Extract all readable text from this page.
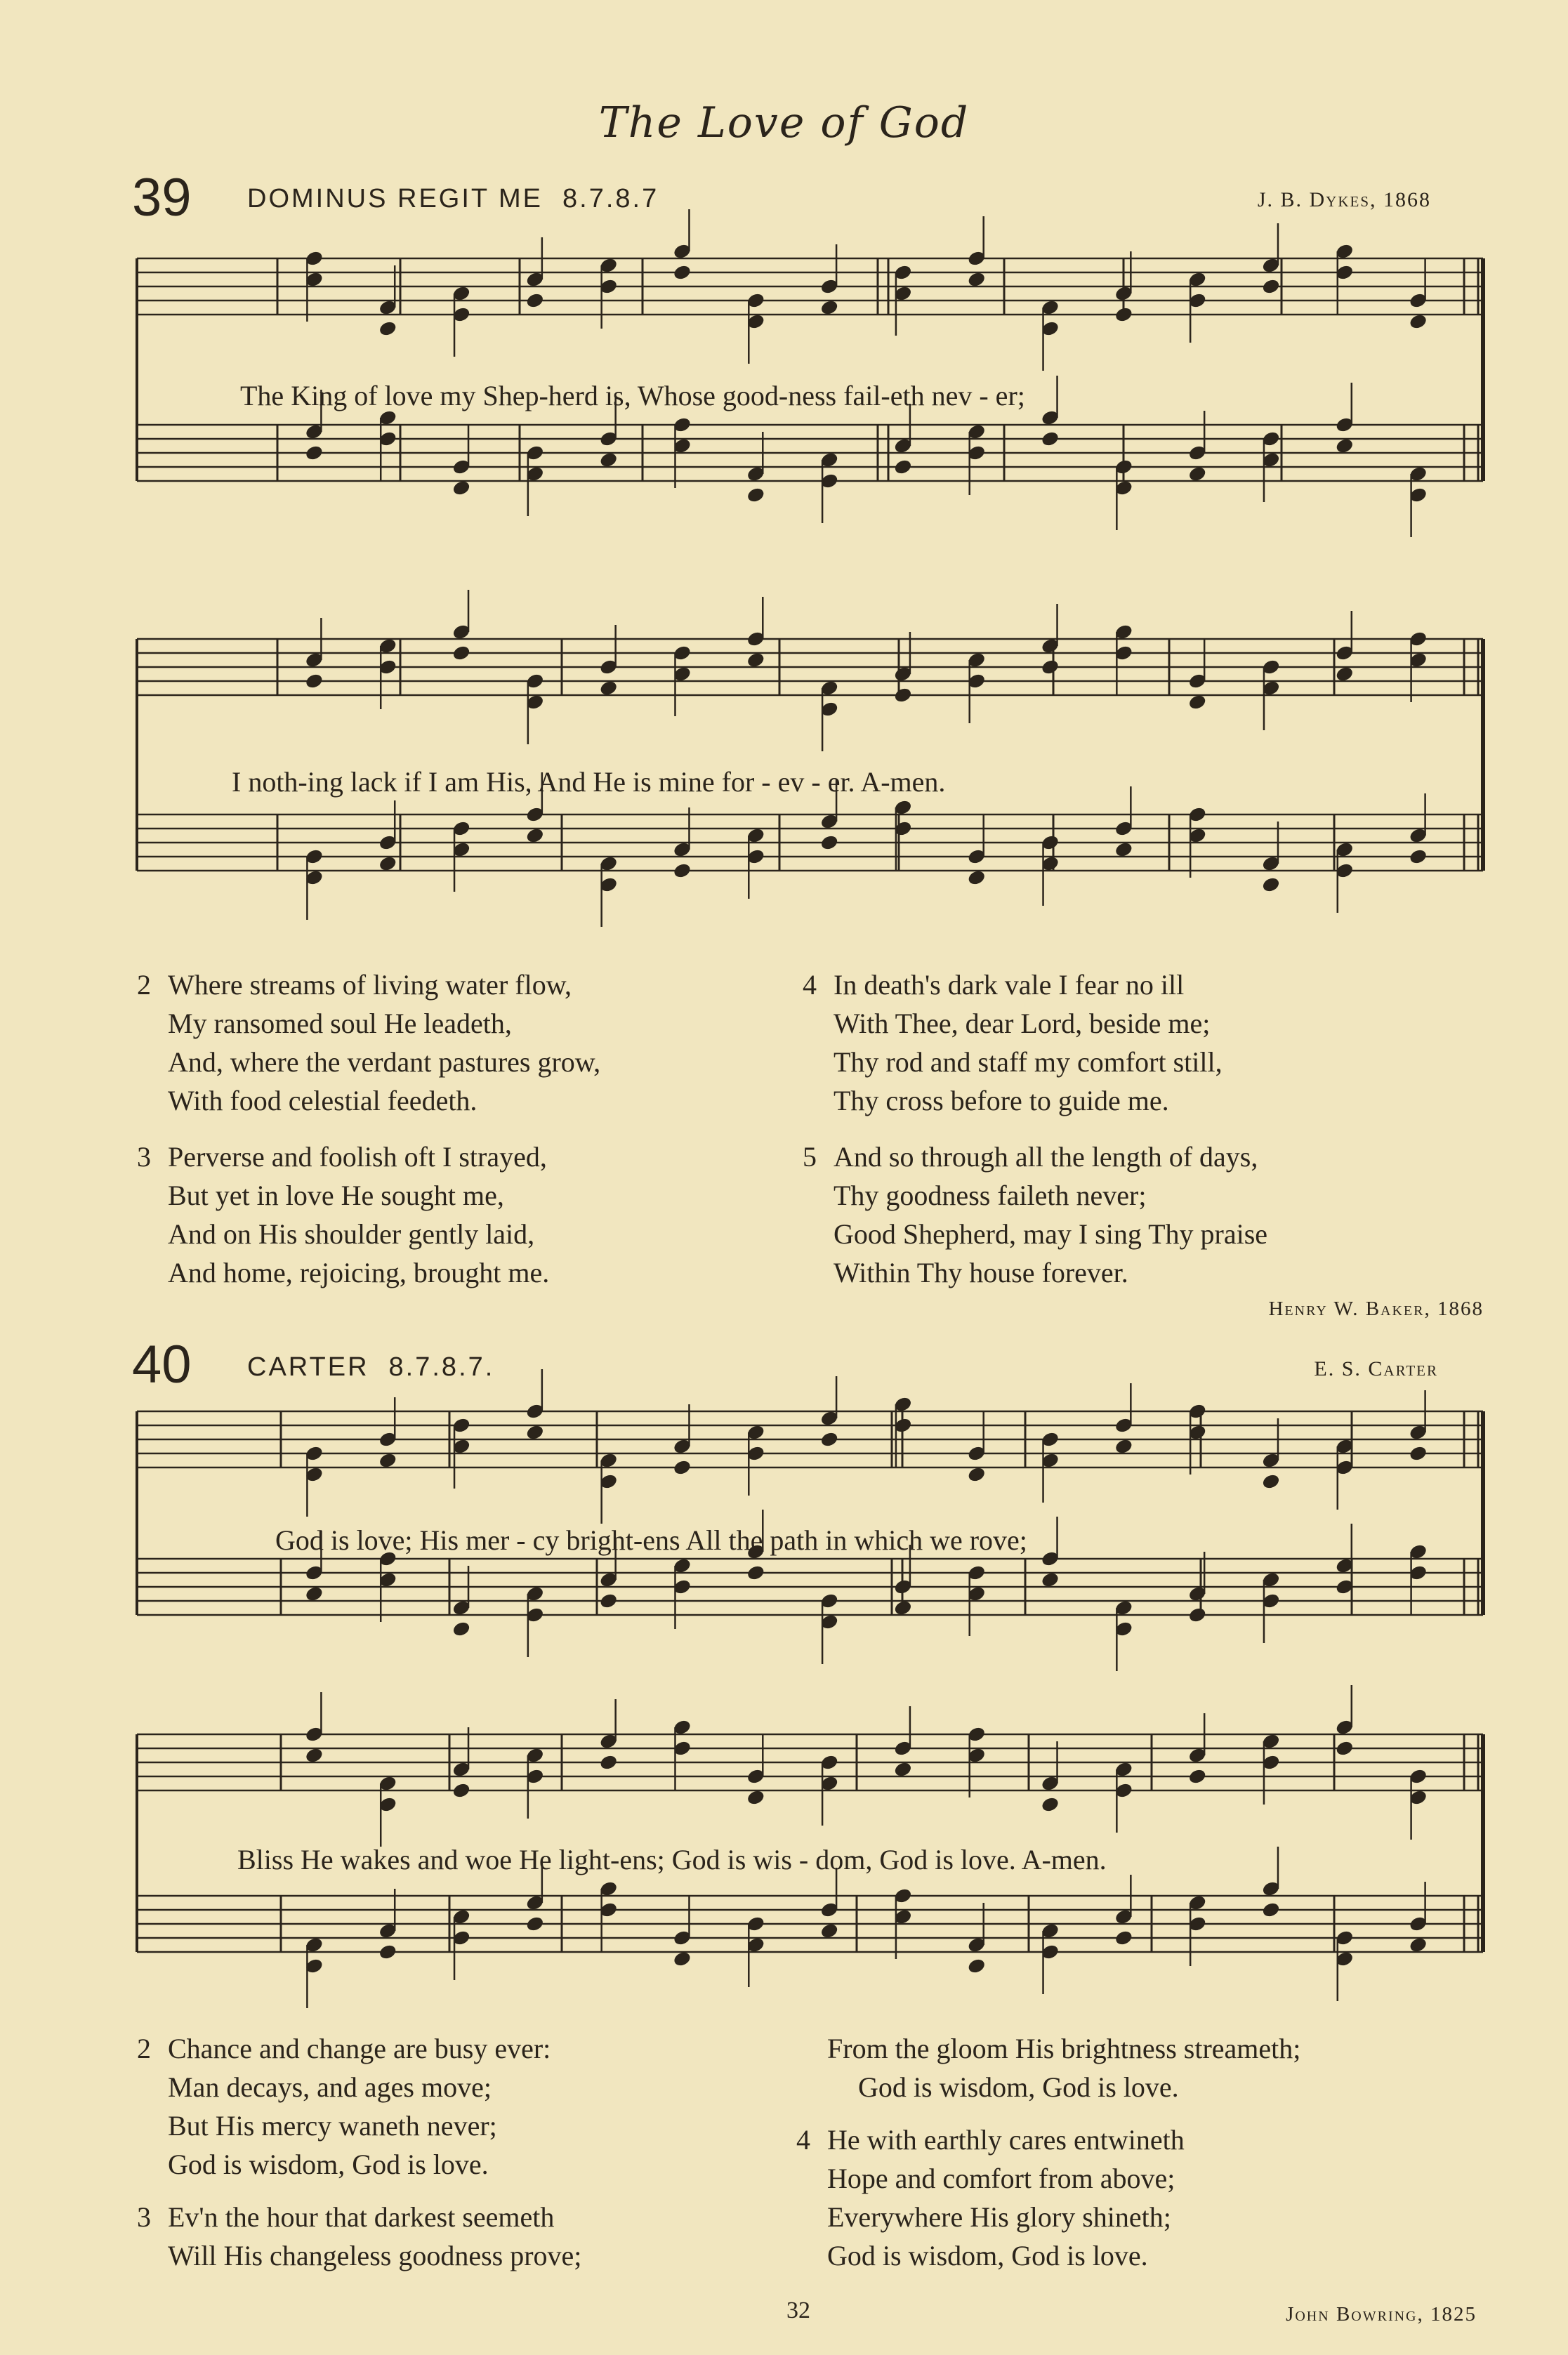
The Love of God
39 DOMINUS REGIT ME 8.7.8.7	J. B. Dykes, 1868
The King of love my Shep-herd is, Whose good-ness fail-eth nev - er;
I noth-ing lack if I am His, And He is mine for - ev - er. A-men.
2 Where streams of living water flow,
My ransomed soul He leadeth,
And, where the verdant pastures grow,
With food celestial feedeth.
3 Perverse and foolish oft I strayed,
But yet in love He sought me,
And on His shoulder gently laid,
And home, rejoicing, brought me.
4 In death's dark vale I fear no ill
With Thee, dear Lord, beside me;
Thy rod and staff my comfort still,
Thy cross before to guide me.
5 And so through all the length of days,
Thy goodness faileth never;
Good Shepherd, may I sing Thy praise
Within Thy house forever.
Henry W. Baker, 1868
40 CARTER 8.7.8.7.	E. S. Carter
God is love; His mer - cy bright-ens All the path in which we rove;
Bliss He wakes and woe He light-ens; God is wis - dom, God is love. A-men.
2 Chance and change are busy ever:
Man decays, and ages move;
But His mercy waneth never;
God is wisdom, God is love.
3 Ev'n the hour that darkest seemeth
Will His changeless goodness prove;
From the gloom His brightness streameth;
God is wisdom, God is love.
4 He with earthly cares entwineth
Hope and comfort from above;
Everywhere His glory shineth;
God is wisdom, God is love.
32	John Bowring, 1825
